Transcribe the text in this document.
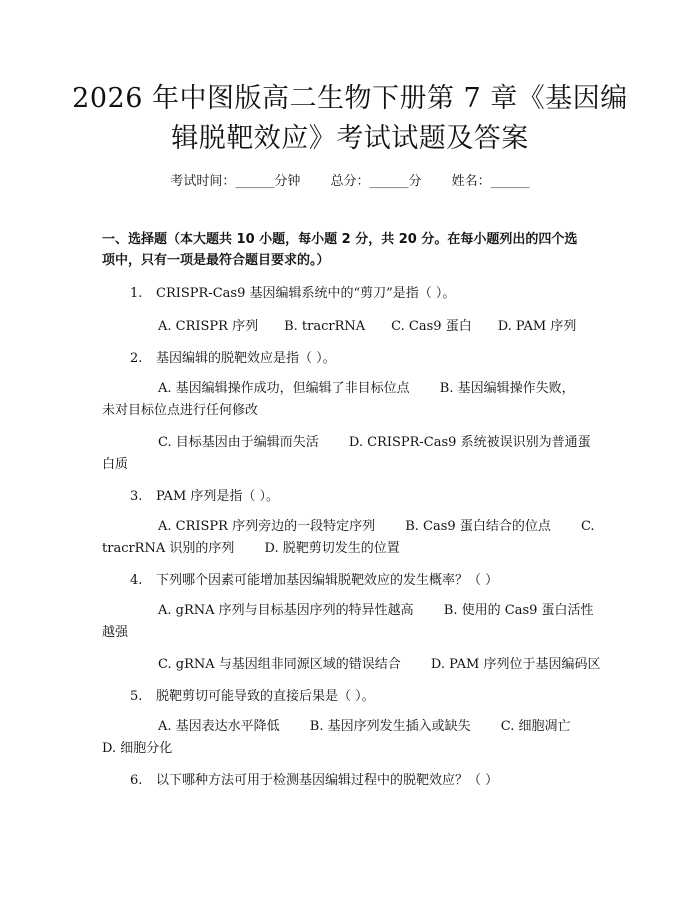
2026 年中图版高二生物下册第 7 章《基因编
辑脱靶效应》考试试题及答案
考试时间：______分钟 总分：______分 姓名：______
一、选择题（本大题共 10 小题，每小题 2 分，共 20 分。在每小题列出的四个选
项中，只有一项是最符合题目要求的。）
1. CRISPR-Cas9 基因编辑系统中的“剪刀”是指（ ）。
A. CRISPR 序列 B. tracrRNA C. Cas9 蛋白 D. PAM 序列
2. 基因编辑的脱靶效应是指（ ）。
A. 基因编辑操作成功，但编辑了非目标位点　　 B. 基因编辑操作失败，
未对目标位点进行任何修改
C. 目标基因由于编辑而失活　　 D. CRISPR-Cas9 系统被误识别为普通蛋
白质
3. PAM 序列是指（ ）。
A. CRISPR 序列旁边的一段特定序列　　 B. Cas9 蛋白结合的位点　　 C.
tracrRNA 识别的序列　　 D. 脱靶剪切发生的位置
4. 下列哪个因素可能增加基因编辑脱靶效应的发生概率？（ ）
A. gRNA 序列与目标基因序列的特异性越高　　 B. 使用的 Cas9 蛋白活性
越强
C. gRNA 与基因组非同源区域的错误结合　　 D. PAM 序列位于基因编码区
5. 脱靶剪切可能导致的直接后果是（ ）。
A. 基因表达水平降低　　 B. 基因序列发生插入或缺失　　 C. 细胞凋亡
D. 细胞分化
6. 以下哪种方法可用于检测基因编辑过程中的脱靶效应？（ ）
